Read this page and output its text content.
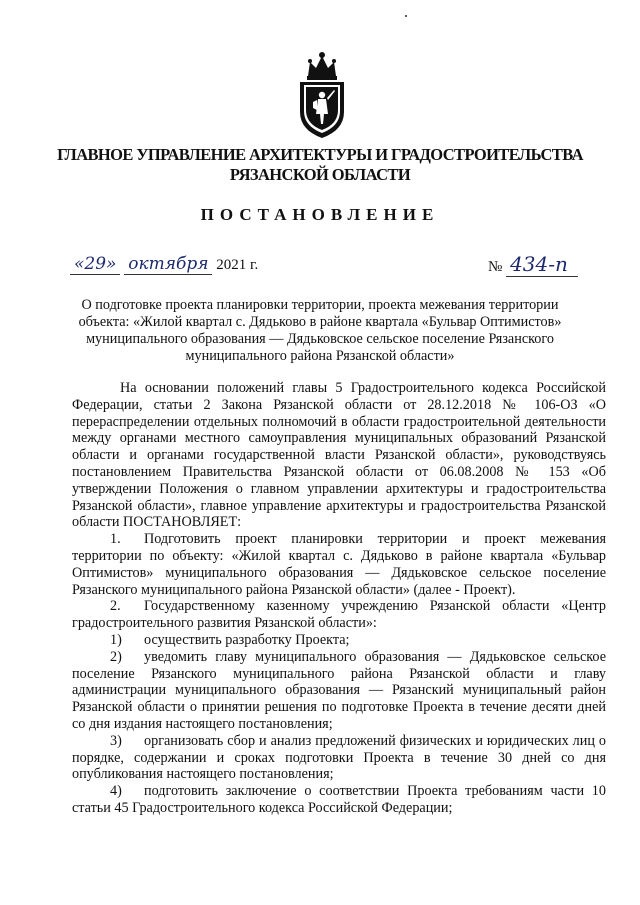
ГЛАВНОЕ УПРАВЛЕНИЕ АРХИТЕКТУРЫ И ГРАДОСТРОИТЕЛЬСТВА
РЯЗАНСКОЙ ОБЛАСТИ
ПОСТАНОВЛЕНИЕ
«29» октября 2021 г.	№ 434-п
О подготовке проекта планировки территории, проекта межевания территории объекта: «Жилой квартал с. Дядьково в районе квартала «Бульвар Оптимистов» муниципального образования — Дядьковское сельское поселение Рязанского муниципального района Рязанской области»

На основании положений главы 5 Градостроительного кодекса Российской Федерации, статьи 2 Закона Рязанской области от 28.12.2018 № 106-ОЗ «О перераспределении отдельных полномочий в области градостроительной деятельности между органами местного самоуправления муниципальных образований Рязанской области и органами государственной власти Рязанской области», руководствуясь постановлением Правительства Рязанской области от 06.08.2008 № 153 «Об утверждении Положения о главном управлении архитектуры и градостроительства Рязанской области», главное управление архитектуры и градостроительства Рязанской области ПОСТАНОВЛЯЕТ:

1. Подготовить проект планировки территории и проект межевания территории по объекту: «Жилой квартал с. Дядьково в районе квартала «Бульвар Оптимистов» муниципального образования — Дядьковское сельское поселение Рязанского муниципального района Рязанской области» (далее - Проект).

2. Государственному казенному учреждению Рязанской области «Центр градостроительного развития Рязанской области»:

1) осуществить разработку Проекта;

2) уведомить главу муниципального образования — Дядьковское сельское поселение Рязанского муниципального района Рязанской области и главу администрации муниципального образования — Рязанский муниципальный район Рязанской области о принятии решения по подготовке Проекта в течение десяти дней со дня издания настоящего постановления;

3) организовать сбор и анализ предложений физических и юридических лиц о порядке, содержании и сроках подготовки Проекта в течение 30 дней со дня опубликования настоящего постановления;

4) подготовить заключение о соответствии Проекта требованиям части 10 статьи 45 Градостроительного кодекса Российской Федерации;
